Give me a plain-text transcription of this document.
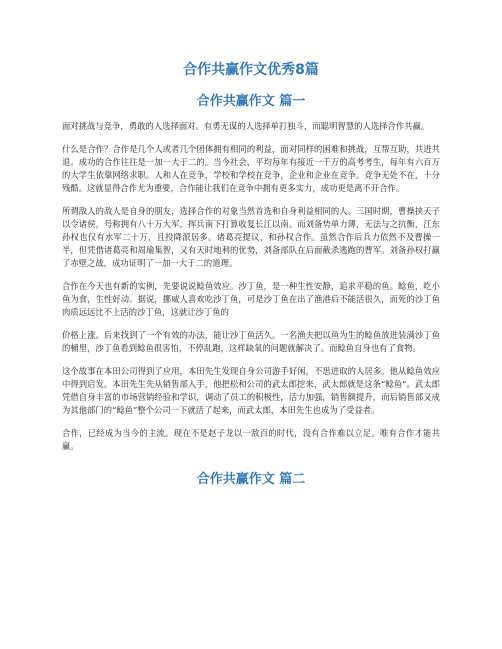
合作共赢作文优秀8篇
合作共赢作文 篇一

面对挑战与竞争，勇敢的人选择面对。有勇无谋的人选择单打独斗，而聪明智慧的人选择合作共赢。

什么是合作？合作是几个人或者几个团体拥有相同的利益，面对同样的困难和挑战，互帮互助，共进共退。成功的合作往往是一加一大于二的。当今社会，平均每年有接近一千万的高考考生，每年有六百万的大学生依靠网络求职。人和人在竞争，学校和学校在竞争，企业和企业在竞争。竞争无处不在，十分残酷。这就显得合作尤为重要，合作能让我们在竞争中拥有更多实力，成功更是离不开合作。

所谓敌人的敌人是自身的朋友，选择合作的对象当然首选和自身利益相同的人。三国时期，曹操挟天子以令诸侯，号称拥有八十万大军，挥兵南下打算收复长江以南。而刘备势单力薄，无法与之抗衡，江东孙权也仅有水军二十万，且投降派居多。诸葛亮提议，和孙权合作。虽然合作后兵力依然不及曹操一半，但凭借诸葛亮和周瑜集智，又有天时地利的优势，刘备部队在后面截杀逃跑的曹军。刘备孙权打赢了赤壁之战，成功证明了一加一大于二的道理。

合作在今天也有新的实例，先要说说鲶鱼效应。沙丁鱼，是一种生性安静，追求平稳的鱼。鲶鱼，吃小鱼为食，生性好动。据说，挪威人喜欢吃沙丁鱼，可是沙丁鱼在出了渔港后不能活很久，而死的沙丁鱼肉质远远比不上活的沙丁鱼，这就让沙丁鱼的

价格上涨。后来找到了一个有效的办法，能让沙丁鱼活久。一名渔夫把以鱼为生的鲶鱼放进装满沙丁鱼的桶里，沙丁鱼看到鲶鱼很害怕，不停乱跑，这样缺氧的问题就解决了。而鲶鱼自身也有了食物。

这个故事在本田公司得到了应用，本田先生发现自身公司游手好闲，不思进取的人居多。他从鲶鱼效应中得到启发。本田先生先从销售部入手，他把松和公司的武太郎挖来，武太郎就是这条“鲶鱼”。武太郎凭借自身丰富的市场营销经验和学识，调动了员工的积极性，活力加强，销售额提升，而后销售部又成为其他部门的“鲶鱼”整个公司一下就活了起来，而武太郎，本田先生也成为了受益者。

合作，已经成为当今的主流。现在不是赵子龙以一敌百的时代，没有合作难以立足。唯有合作才能共赢。

合作共赢作文 篇二
